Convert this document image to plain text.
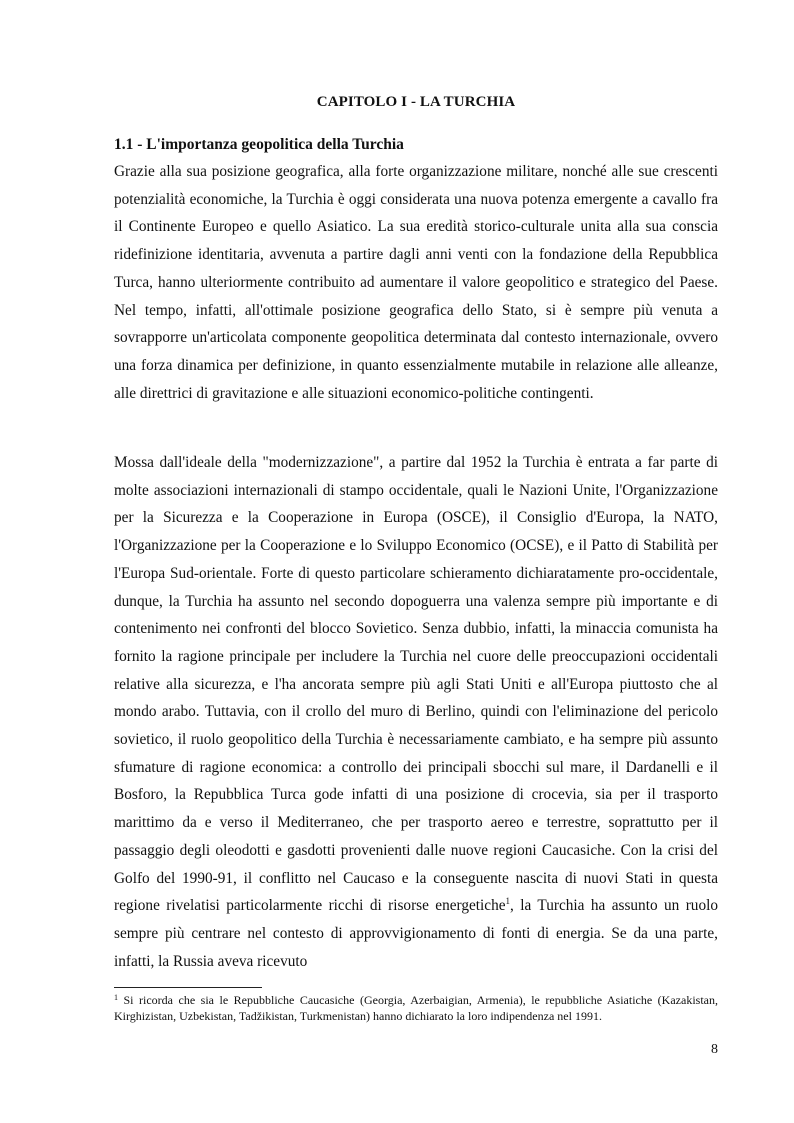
CAPITOLO I - LA TURCHIA
1.1 - L'importanza geopolitica della Turchia

Grazie alla sua posizione geografica, alla forte organizzazione militare, nonché alle sue crescenti potenzialità economiche, la Turchia è oggi considerata una nuova potenza emergente a cavallo fra il Continente Europeo e quello Asiatico. La sua eredità storico-culturale unita alla sua conscia ridefinizione identitaria, avvenuta a partire dagli anni venti con la fondazione della Repubblica Turca, hanno ulteriormente contribuito ad aumentare il valore geopolitico e strategico del Paese. Nel tempo, infatti, all'ottimale posizione geografica dello Stato, si è sempre più venuta a sovrapporre un'articolata componente geopolitica determinata dal contesto internazionale, ovvero una forza dinamica per definizione, in quanto essenzialmente mutabile in relazione alle alleanze, alle direttrici di gravitazione e alle situazioni economico-politiche contingenti.

Mossa dall'ideale della "modernizzazione", a partire dal 1952 la Turchia è entrata a far parte di molte associazioni internazionali di stampo occidentale, quali le Nazioni Unite, l'Organizzazione per la Sicurezza e la Cooperazione in Europa (OSCE), il Consiglio d'Europa, la NATO, l'Organizzazione per la Cooperazione e lo Sviluppo Economico (OCSE), e il Patto di Stabilità per l'Europa Sud-orientale. Forte di questo particolare schieramento dichiaratamente pro-occidentale, dunque, la Turchia ha assunto nel secondo dopoguerra una valenza sempre più importante e di contenimento nei confronti del blocco Sovietico. Senza dubbio, infatti, la minaccia comunista ha fornito la ragione principale per includere la Turchia nel cuore delle preoccupazioni occidentali relative alla sicurezza, e l'ha ancorata sempre più agli Stati Uniti e all'Europa piuttosto che al mondo arabo. Tuttavia, con il crollo del muro di Berlino, quindi con l'eliminazione del pericolo sovietico, il ruolo geopolitico della Turchia è necessariamente cambiato, e ha sempre più assunto sfumature di ragione economica: a controllo dei principali sbocchi sul mare, il Dardanelli e il Bosforo, la Repubblica Turca gode infatti di una posizione di crocevia, sia per il trasporto marittimo da e verso il Mediterraneo, che per trasporto aereo e terrestre, soprattutto per il passaggio degli oleodotti e gasdotti provenienti dalle nuove regioni Caucasiche. Con la crisi del Golfo del 1990-91, il conflitto nel Caucaso e la conseguente nascita di nuovi Stati in questa regione rivelatisi particolarmente ricchi di risorse energetiche$^1$, la Turchia ha assunto un ruolo sempre più centrare nel contesto di approvvigionamento di fonti di energia. Se da una parte, infatti, la Russia aveva ricevuto

$^1$ Si ricorda che sia le Repubbliche Caucasiche (Georgia, Azerbaigian, Armenia), le repubbliche Asiatiche (Kazakistan, Kirghizistan, Uzbekistan, Tadžikistan, Turkmenistan) hanno dichiarato la loro indipendenza nel 1991.

8
